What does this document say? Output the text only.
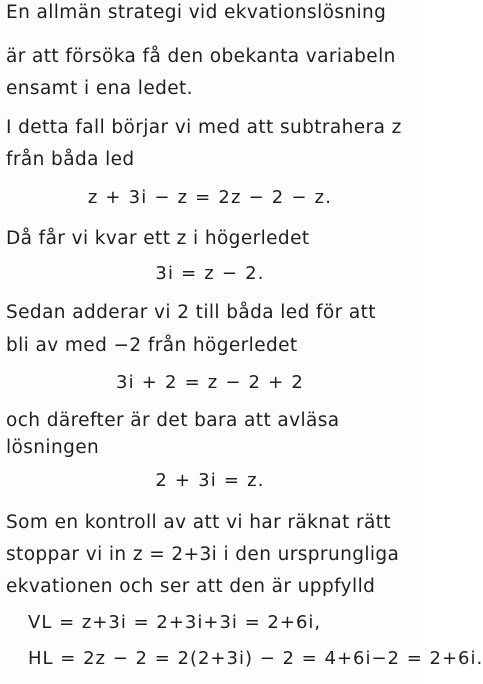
En allmän strategi vid ekvationslösning
är att försöka få den obekanta variabeln
ensamt i ena ledet.
I detta fall börjar vi med att subtrahera z
från båda led
z + 3i − z = 2z − 2 − z.
Då får vi kvar ett z i högerledet
3i = z − 2.
Sedan adderar vi 2 till båda led för att
bli av med −2 från högerledet
3i + 2 = z − 2 + 2
och därefter är det bara att avläsa
lösningen
2 + 3i = z.
Som en kontroll av att vi har räknat rätt
stoppar vi in z = 2+3i i den ursprungliga
ekvationen och ser att den är uppfylld
VL = z+3i = 2+3i+3i = 2+6i,
HL = 2z − 2 = 2(2+3i) − 2 = 4+6i−2 = 2+6i.
